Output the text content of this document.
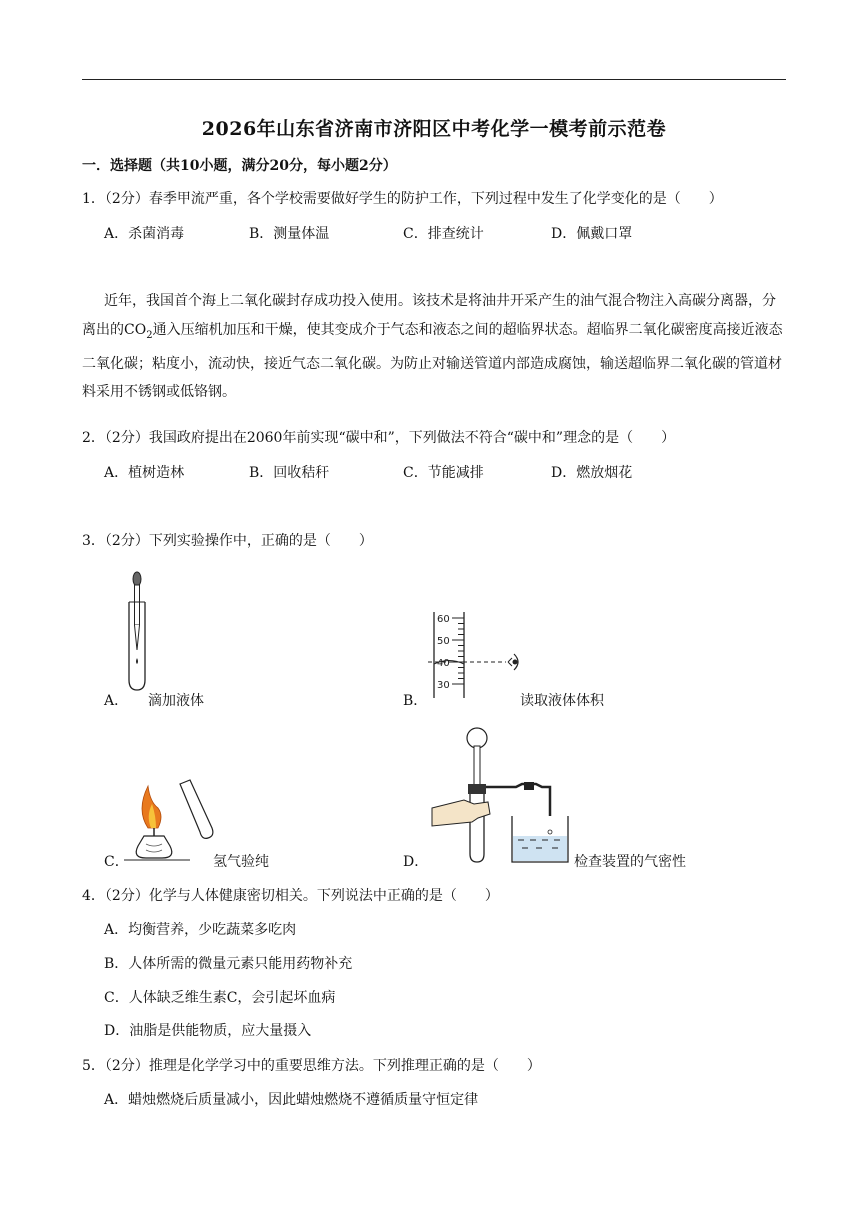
2026年山东省济南市济阳区中考化学一模考前示范卷
一．选择题（共10小题，满分20分，每小题2分）
1．（2分）春季甲流严重，各个学校需要做好学生的防护工作，下列过程中发生了化学变化的是（　　）
A．杀菌消毒	B．测量体温	C．排查统计	D．佩戴口罩
近年，我国首个海上二氧化碳封存成功投入使用。该技术是将油井开采产生的油气混合物注入高碳分离器，分离出的$CO_2$通入压缩机加压和干燥，使其变成介于气态和液态之间的超临界状态。超临界二氧化碳密度高接近液态二氧化碳；粘度小，流动快，接近气态二氧化碳。为防止对输送管道内部造成腐蚀，输送超临界二氧化碳的管道材料采用不锈钢或低铬钢。
2．（2分）我国政府提出在2060年前实现“碳中和”，下列做法不符合“碳中和”理念的是（　　）
A．植树造林	B．回收秸秆	C．节能减排	D．燃放烟花
3．（2分）下列实验操作中，正确的是（　　）
A． 滴加液体
60
50
40
30
B．	读取液体体积
C．	氢气验纯	D．	检查装置的气密性
4．（2分）化学与人体健康密切相关。下列说法中正确的是（　　）
A．均衡营养，少吃蔬菜多吃肉
B．人体所需的微量元素只能用药物补充
C．人体缺乏维生素C，会引起坏血病
D．油脂是供能物质，应大量摄入
5．（2分）推理是化学学习中的重要思维方法。下列推理正确的是（　　）
A．蜡烛燃烧后质量减小，因此蜡烛燃烧不遵循质量守恒定律
